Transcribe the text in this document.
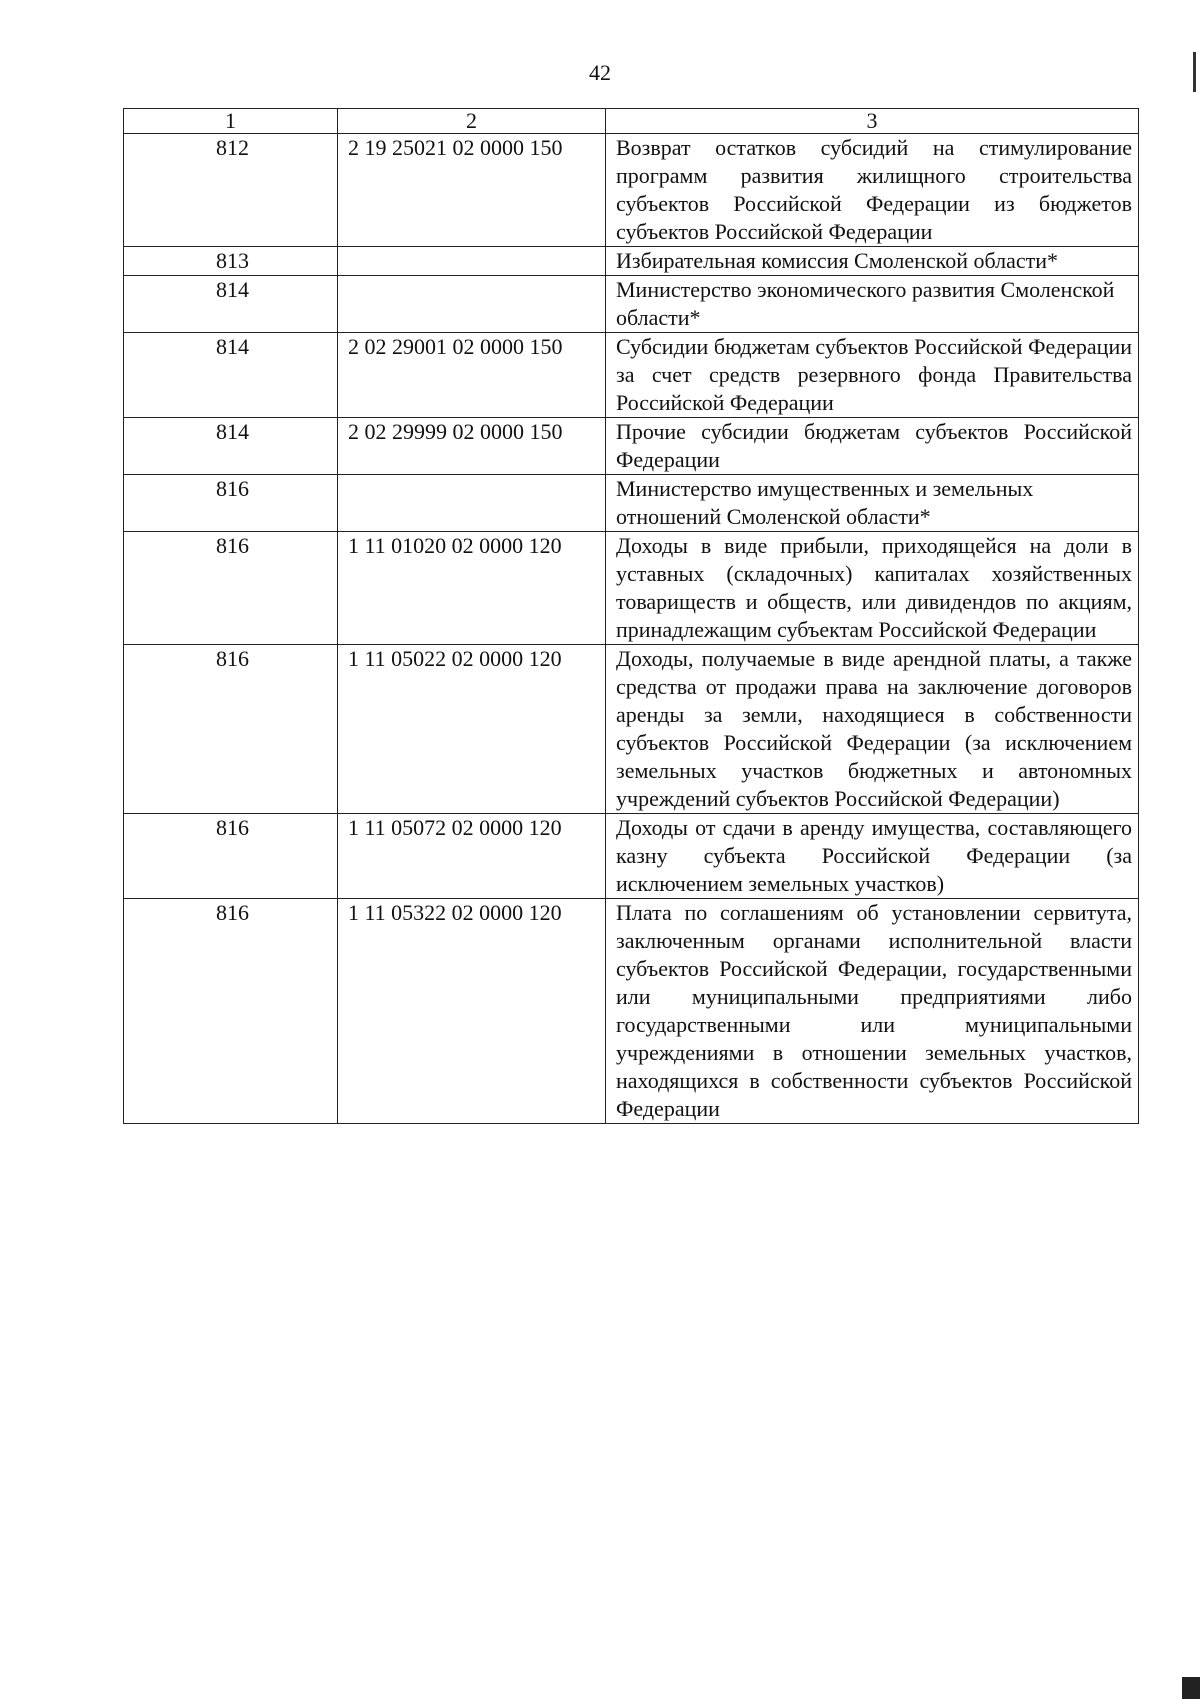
42
1	2	3
812	2 19 25021 02 0000 150	Возврат остатков субсидий на стимулирование программ развития жилищного строительства субъектов Российской Федерации из бюджетов субъектов Российской Федерации
813		Избирательная комиссия Смоленской области*
814		Министерство экономического развития Смоленской области*
814	2 02 29001 02 0000 150	Субсидии бюджетам субъектов Российской Федерации за счет средств резервного фонда Правительства Российской Федерации
814	2 02 29999 02 0000 150	Прочие субсидии бюджетам субъектов Российской Федерации
816		Министерство имущественных и земельных отношений Смоленской области*
816	1 11 01020 02 0000 120	Доходы в виде прибыли, приходящейся на доли в уставных (складочных) капиталах хозяйственных товариществ и обществ, или дивидендов по акциям, принадлежащим субъектам Российской Федерации
816	1 11 05022 02 0000 120	Доходы, получаемые в виде арендной платы, а также средства от продажи права на заключение договоров аренды за земли, находящиеся в собственности субъектов Российской Федерации (за исключением земельных участков бюджетных и автономных учреждений субъектов Российской Федерации)
816	1 11 05072 02 0000 120	Доходы от сдачи в аренду имущества, составляющего казну субъекта Российской Федерации (за исключением земельных участков)
816	1 11 05322 02 0000 120	Плата по соглашениям об установлении сервитута, заключенным органами исполнительной власти субъектов Российской Федерации, государственными или муниципальными предприятиями либо государственными или муниципальными учреждениями в отношении земельных участков, находящихся в собственности субъектов Российской Федерации
